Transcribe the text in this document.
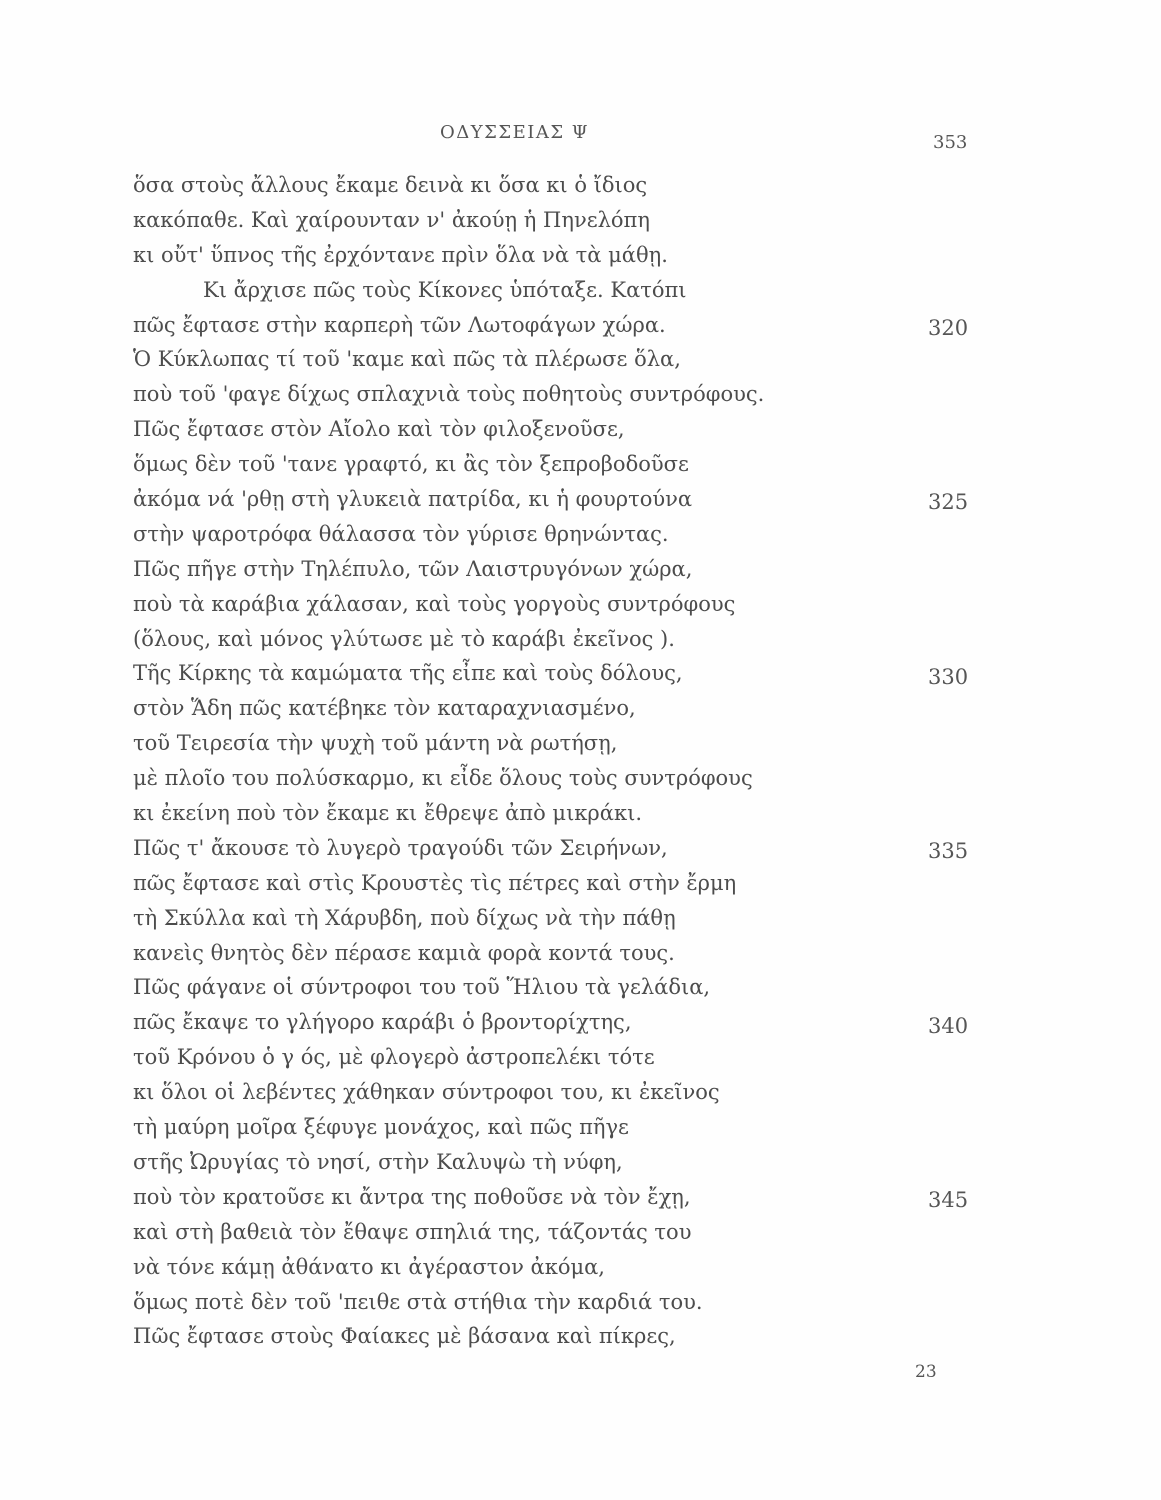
ΟΔΥΣΣΕΙΑΣ Ψ	353
ὅσα στοὺς ἄλλους ἔκαμε δεινὰ κι ὅσα κι ὁ ἴδιος
κακόπαθε. Καὶ χαίρουνταν ν' ἀκούῃ ἡ Πηνελόπη
κι οὔτ' ὕπνος τῆς ἐρχόντανε πρὶν ὅλα νὰ τὰ μάθῃ.
Κι ἄρχισε πῶς τοὺς Κίκονες ὑπόταξε. Κατόπι
πῶς ἔφτασε στὴν καρπερὴ τῶν Λωτοφάγων χώρα.
Ὁ Κύκλωπας τί τοῦ 'καμε καὶ πῶς τὰ πλέρωσε ὅλα,
ποὺ τοῦ 'φαγε δίχως σπλαχνιὰ τοὺς ποθητοὺς συντρόφους.
Πῶς ἔφτασε στὸν Αἴολο καὶ τὸν φιλοξενοῦσε,
ὅμως δὲν τοῦ 'τανε γραφτό, κι ἂς τὸν ξεπροβοδοῦσε
ἀκόμα νά 'ρθῃ στὴ γλυκειὰ πατρίδα, κι ἡ φουρτούνα
στὴν ψαροτρόφα θάλασσα τὸν γύρισε θρηνώντας.
Πῶς πῆγε στὴν Τηλέπυλο, τῶν Λαιστρυγόνων χώρα,
ποὺ τὰ καράβια χάλασαν, καὶ τοὺς γοργοὺς συντρόφους
(ὅλους, καὶ μόνος γλύτωσε μὲ τὸ καράβι ἐκεῖνος ).
Τῆς Κίρκης τὰ καμώματα τῆς εἶπε καὶ τοὺς δόλους,
στὸν Ἅδη πῶς κατέβηκε τὸν καταραχνιασμένο,
τοῦ Τειρεσία τὴν ψυχὴ τοῦ μάντη νὰ ρωτήσῃ,
μὲ πλοῖο του πολύσκαρμο, κι εἶδε ὅλους τοὺς συντρόφους
κι ἐκείνη ποὺ τὸν ἔκαμε κι ἔθρεψε ἀπὸ μικράκι.
Πῶς τ' ἄκουσε τὸ λυγερὸ τραγούδι τῶν Σειρήνων,
πῶς ἔφτασε καὶ στὶς Κρουστὲς τὶς πέτρες καὶ στὴν ἔρμη
τὴ Σκύλλα καὶ τὴ Χάρυβδη, ποὺ δίχως νὰ τὴν πάθῃ
κανεὶς θνητὸς δὲν πέρασε καμιὰ φορὰ κοντά τους.
Πῶς φάγανε οἱ σύντροφοι του τοῦ Ἥλιου τὰ γελάδια,
πῶς ἔκαψε το γλήγορο καράβι ὁ βροντορίχτης,
τοῦ Κρόνου ὁ γ ός, μὲ φλογερὸ ἀστροπελέκι τότε
κι ὅλοι οἱ λεβέντες χάθηκαν σύντροφοι του, κι ἐκεῖνος
τὴ μαύρη μοῖρα ξέφυγε μονάχος, καὶ πῶς πῆγε
στῆς Ὠρυγίας τὸ νησί, στὴν Καλυψὼ τὴ νύφη,
ποὺ τὸν κρατοῦσε κι ἄντρα της ποθοῦσε νὰ τὸν ἔχῃ,
καὶ στὴ βαθειὰ τὸν ἔθαψε σπηλιά της, τάζοντάς του
νὰ τόνε κάμῃ ἀθάνατο κι ἀγέραστον ἀκόμα,
ὅμως ποτὲ δὲν τοῦ 'πειθε στὰ στήθια τὴν καρδιά του.
Πῶς ἔφτασε στοὺς Φαίακες μὲ βάσανα καὶ πίκρες,
320
325
330
335
340
345
23
